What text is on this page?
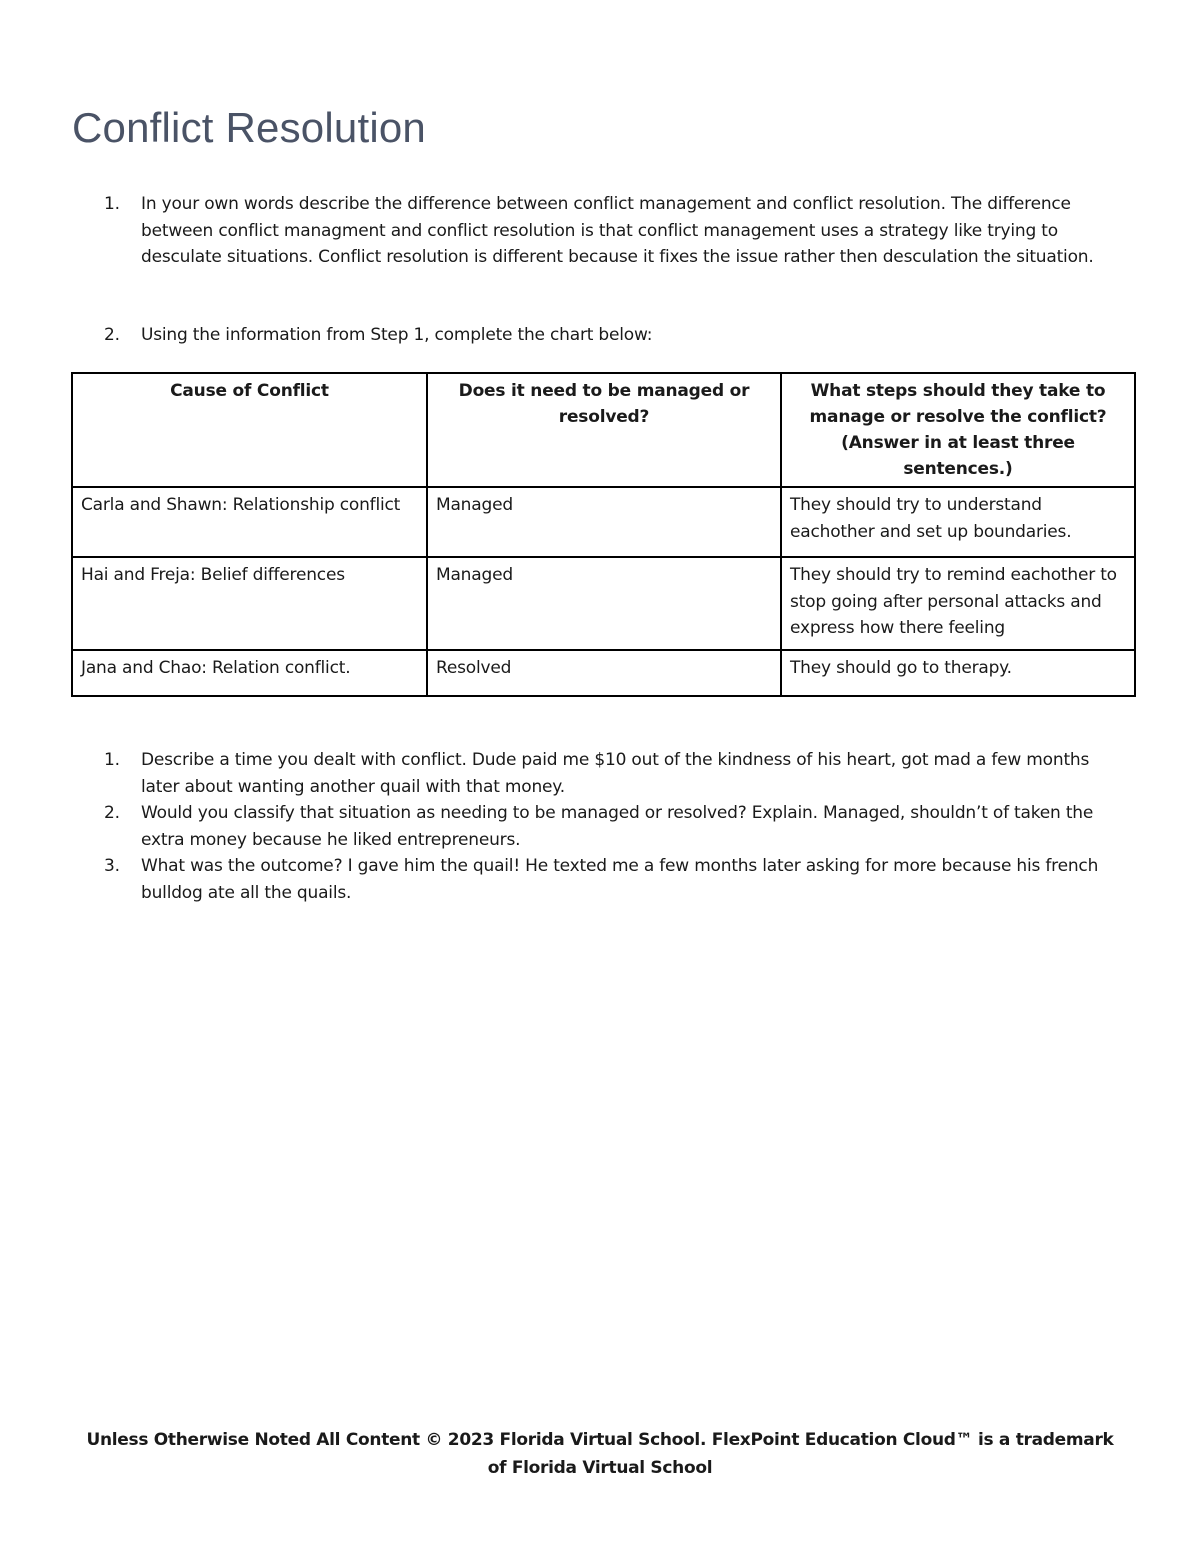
Conflict Resolution
1. In your own words describe the difference between conflict management and conflict resolution. The difference between conflict managment and conflict resolution is that conflict management uses a strategy like trying to desculate situations. Conflict resolution is different because it fixes the issue rather then desculation the situation.
2. Using the information from Step 1, complete the chart below:
Cause of Conflict	Does it need to be managed or resolved?	What steps should they take to manage or resolve the conflict? (Answer in at least three sentences.)
Carla and Shawn: Relationship conflict	Managed	They should try to understand eachother and set up boundaries.
Hai and Freja: Belief differences	Managed	They should try to remind eachother to stop going after personal attacks and express how there feeling
Jana and Chao: Relation conflict.	Resolved	They should go to therapy.
1. Describe a time you dealt with conflict. Dude paid me $10 out of the kindness of his heart, got mad a few months later about wanting another quail with that money.
2. Would you classify that situation as needing to be managed or resolved? Explain. Managed, shouldn’t of taken the extra money because he liked entrepreneurs.
3. What was the outcome? I gave him the quail! He texted me a few months later asking for more because his french bulldog ate all the quails.
Unless Otherwise Noted All Content © 2023 Florida Virtual School. FlexPoint Education Cloud™ is a trademark of Florida Virtual School
